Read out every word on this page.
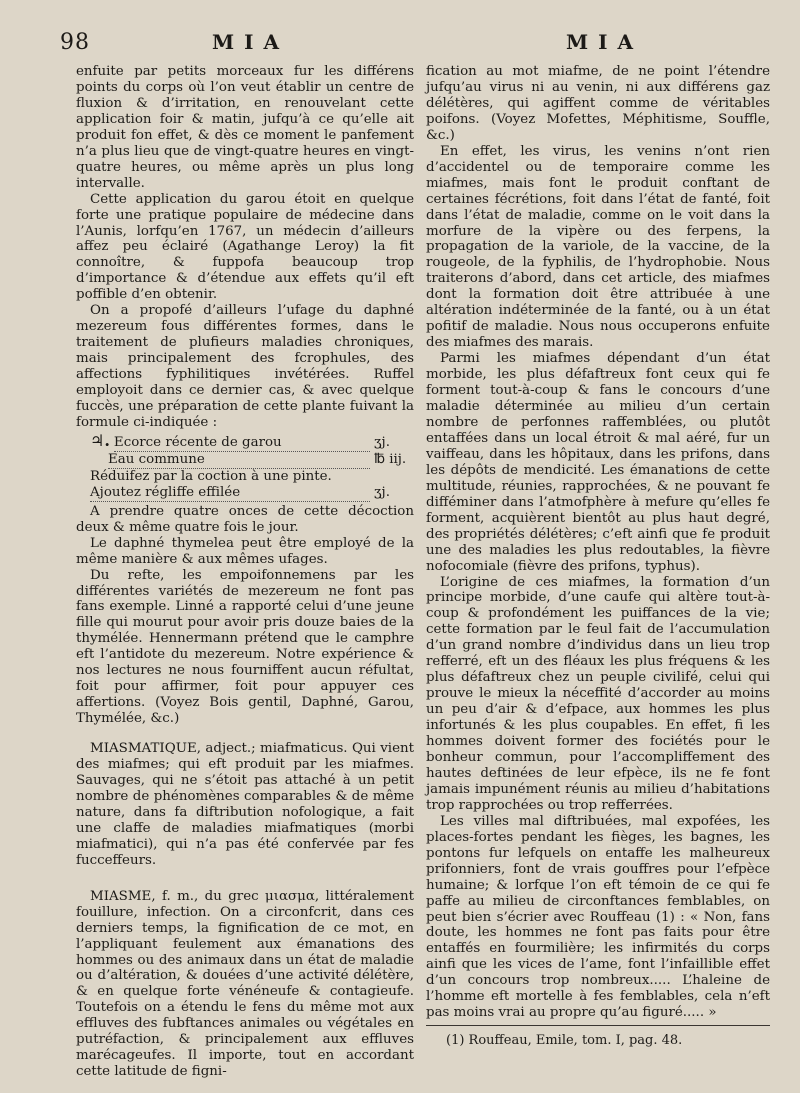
98	MIA	MIA

enfuite par petits morceaux fur les différens points du corps où l’on veut établir un centre de fluxion & d’irritation, en renouvelant cette application foir & matin, jufqu’à ce qu’elle ait produit fon effet, & dès ce moment le panfement n’a plus lieu que de vingt-quatre heures en vingt-quatre heures, ou même après un plus long intervalle.

Cette application du garou étoit en quelque forte une pratique populaire de médecine dans l’Aunis, lorfqu’en 1767, un médecin d’ailleurs affez peu éclairé (Agathange Leroy) la fit connoître, & fuppofa beaucoup trop d’importance & d’étendue aux effets qu’il eft poffible d’en obtenir.

On a propofé d’ailleurs l’ufage du daphné mezereum fous différentes formes, dans le traitement de plufieurs maladies chroniques, mais principalement des fcrophules, des affections fyphilitiques invétérées. Ruffel employoit dans ce dernier cas, & avec quelque fuccès, une préparation de cette plante fuivant la formule ci-indiquée :

♃. Ecorce récente de garou	ʒj.
Eau commune	℔ iij.
Réduifez par la coction à une pinte.
Ajoutez régliffe effilée	ʒj.

A prendre quatre onces de cette décoction deux & même quatre fois le jour.

Le daphné thymelea peut être employé de la même manière & aux mêmes ufages.

Du refte, les empoifonnemens par les différentes variétés de mezereum ne font pas fans exemple. Linné a rapporté celui d’une jeune fille qui mourut pour avoir pris douze baies de la thymélée. Hennermann prétend que le camphre eft l’antidote du mezereum. Notre expérience & nos lectures ne nous fourniffent aucun réfultat, foit pour affirmer, foit pour appuyer ces affertions. (Voyez Bois gentil, Daphné, Garou, Thymélée, &c.)

MIASMATIQUE, adject.; miafmaticus. Qui vient des miafmes; qui eft produit par les miafmes. Sauvages, qui ne s’étoit pas attaché à un petit nombre de phénomènes comparables & de même nature, dans fa diftribution nofologique, a fait une claffe de maladies miafmatiques (morbi miafmatici), qui n’a pas été confervée par fes fucceffeurs.

MIASME, f. m., du grec μιασμα, littéralement fouillure, infection. On a circonfcrit, dans ces derniers temps, la fignification de ce mot, en l’appliquant feulement aux émanations des hommes ou des animaux dans un état de maladie ou d’altération, & douées d’une activité délétère, & en quelque forte vénéneufe & contagieufe. Toutefois on a étendu le fens du même mot aux effluves des fubftances animales ou végétales en putréfaction, & principalement aux effluves marécageufes. Il importe, tout en accordant cette latitude de figni-

fication au mot miafme, de ne point l’étendre jufqu’au virus ni au venin, ni aux différens gaz délétères, qui agiffent comme de véritables poifons. (Voyez Mofettes, Méphitisme, Souffle, &c.)

En effet, les virus, les venins n’ont rien d’accidentel ou de temporaire comme les miafmes, mais font le produit conftant de certaines fécrétions, foit dans l’état de fanté, foit dans l’état de maladie, comme on le voit dans la morfure de la vipère ou des ferpens, la propagation de la variole, de la vaccine, de la rougeole, de la fyphilis, de l’hydrophobie. Nous traiterons d’abord, dans cet article, des miafmes dont la formation doit être attribuée à une altération indéterminée de la fanté, ou à un état pofitif de maladie. Nous nous occuperons enfuite des miafmes des marais.

Parmi les miafmes dépendant d’un état morbide, les plus défaftreux font ceux qui fe forment tout-à-coup & fans le concours d’une maladie déterminée au milieu d’un certain nombre de perfonnes raffemblées, ou plutôt entaffées dans un local étroit & mal aéré, fur un vaiffeau, dans les hôpitaux, dans les prifons, dans les dépôts de mendicité. Les émanations de cette multitude, réunies, rapprochées, & ne pouvant fe difféminer dans l’atmofphère à mefure qu’elles fe forment, acquièrent bientôt au plus haut degré, des propriétés délétères; c’eft ainfi que fe produit une des maladies les plus redoutables, la fièvre nofocomiale (fièvre des prifons, typhus).

L’origine de ces miafmes, la formation d’un principe morbide, d’une caufe qui altère tout-à-coup & profondément les puiffances de la vie; cette formation par le feul fait de l’accumulation d’un grand nombre d’individus dans un lieu trop refferré, eft un des fléaux les plus fréquens & les plus défaftreux chez un peuple civilifé, celui qui prouve le mieux la néceffité d’accorder au moins un peu d’air & d’efpace, aux hommes les plus infortunés & les plus coupables. En effet, fi les hommes doivent former des fociétés pour le bonheur commun, pour l’accompliffement des hautes deftinées de leur efpèce, ils ne fe font jamais impunément réunis au milieu d’habitations trop rapprochées ou trop refferrées.

Les villes mal diftribuées, mal expofées, les places-fortes pendant les fièges, les bagnes, les pontons fur lefquels on entaffe les malheureux prifonniers, font de vrais gouffres pour l’efpèce humaine; & lorfque l’on eft témoin de ce qui fe paffe au milieu de circonftances femblables, on peut bien s’écrier avec Rouffeau (1) : « Non, fans doute, les hommes ne font pas faits pour être entaffés en fourmilière; les infirmités du corps ainfi que les vices de l’ame, font l’infaillible effet d’un concours trop nombreux..... L’haleine de l’homme eft mortelle à fes femblables, cela n’eft pas moins vrai au propre qu’au figuré..... »

(1) Rouffeau, Emile, tom. I, pag. 48.
